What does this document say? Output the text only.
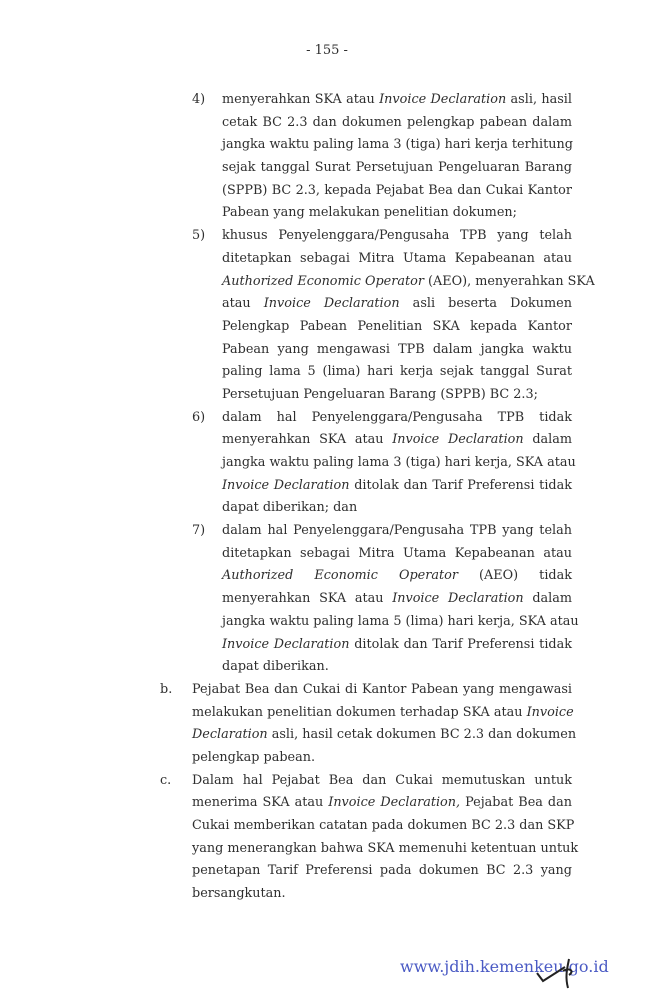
- 155 -
4) menyerahkan SKA atau Invoice Declaration asli, hasil
cetak BC 2.3 dan dokumen pelengkap pabean dalam
jangka waktu paling lama 3 (tiga) hari kerja terhitung
sejak tanggal Surat Persetujuan Pengeluaran Barang
(SPPB) BC 2.3, kepada Pejabat Bea dan Cukai Kantor
Pabean yang melakukan penelitian dokumen;
5) khusus Penyelenggara/Pengusaha TPB yang telah
ditetapkan sebagai Mitra Utama Kepabeanan atau
Authorized Economic Operator (AEO), menyerahkan SKA
atau Invoice Declaration asli beserta Dokumen
Pelengkap Pabean Penelitian SKA kepada Kantor
Pabean yang mengawasi TPB dalam jangka waktu
paling lama 5 (lima) hari kerja sejak tanggal Surat
Persetujuan Pengeluaran Barang (SPPB) BC 2.3;
6) dalam hal Penyelenggara/Pengusaha TPB tidak
menyerahkan SKA atau Invoice Declaration dalam
jangka waktu paling lama 3 (tiga) hari kerja, SKA atau
Invoice Declaration ditolak dan Tarif Preferensi tidak
dapat diberikan; dan
7) dalam hal Penyelenggara/Pengusaha TPB yang telah
ditetapkan sebagai Mitra Utama Kepabeanan atau
Authorized Economic Operator (AEO) tidak
menyerahkan SKA atau Invoice Declaration dalam
jangka waktu paling lama 5 (lima) hari kerja, SKA atau
Invoice Declaration ditolak dan Tarif Preferensi tidak
dapat diberikan.
b. Pejabat Bea dan Cukai di Kantor Pabean yang mengawasi
melakukan penelitian dokumen terhadap SKA atau Invoice
Declaration asli, hasil cetak dokumen BC 2.3 dan dokumen
pelengkap pabean.
c. Dalam hal Pejabat Bea dan Cukai memutuskan untuk
menerima SKA atau Invoice Declaration, Pejabat Bea dan
Cukai memberikan catatan pada dokumen BC 2.3 dan SKP
yang menerangkan bahwa SKA memenuhi ketentuan untuk
penetapan Tarif Preferensi pada dokumen BC 2.3 yang
bersangkutan.
www.jdih.kemenkeu.go.id
